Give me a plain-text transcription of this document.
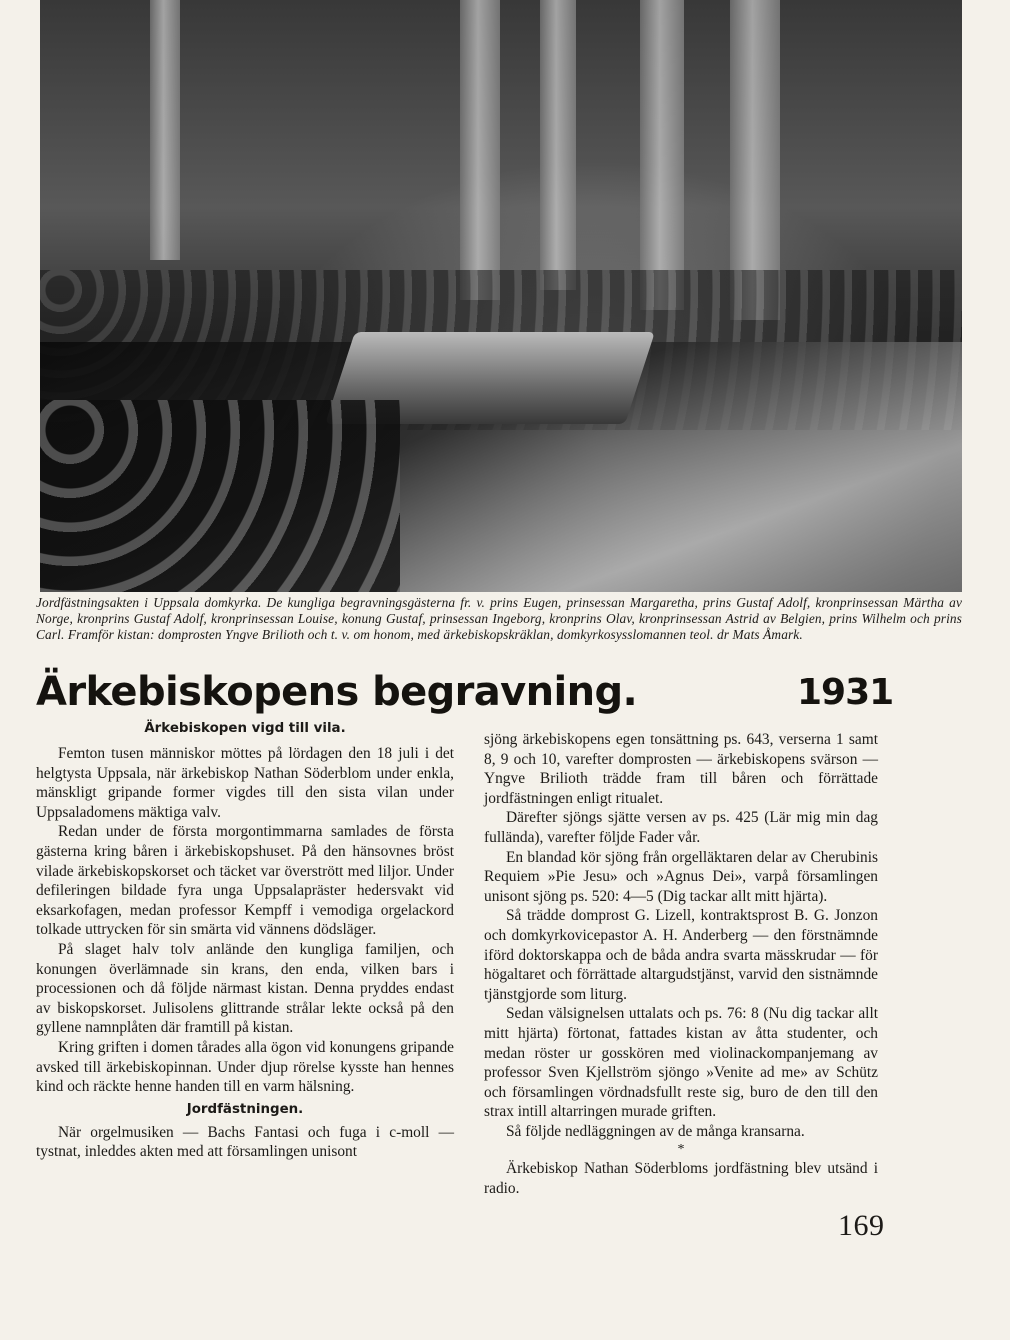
Jordfästningsakten i Uppsala domkyrka. De kungliga begravningsgästerna fr. v. prins Eugen, prinsessan Margaretha, prins Gustaf Adolf, kronprinsessan Märtha av Norge, kronprins Gustaf Adolf, kronprinsessan Louise, konung Gustaf, prinsessan Ingeborg, kronprins Olav, kronprinsessan Astrid av Belgien, prins Wilhelm och prins Carl. Framför kistan: domprosten Yngve Brilioth och t. v. om honom, med ärkebiskopskräklan, domkyrkosysslomannen teol. dr Mats Åmark.
Ärkebiskopens begravning.	1931
Ärkebiskopen vigd till vila.

Femton tusen människor möttes på lördagen den 18 juli i det helgtysta Uppsala, när ärkebiskop Nathan Söderblom under enkla, mänskligt gripande former vigdes till den sista vilan under Uppsaladomens mäktiga valv.

Redan under de första morgontimmarna samlades de första gästerna kring båren i ärkebiskopshuset. På den hänsovnes bröst vilade ärkebiskopskorset och täcket var överstrött med liljor. Under defileringen bildade fyra unga Uppsalapräster hedersvakt vid eksarkofagen, medan professor Kempff i vemodiga orgelackord tolkade uttrycken för sin smärta vid vännens dödsläger.

På slaget halv tolv anlände den kungliga familjen, och konungen överlämnade sin krans, den enda, vilken bars i processionen och då följde närmast kistan. Denna pryddes endast av biskopskorset. Julisolens glittrande strålar lekte också på den gyllene namnplåten där framtill på kistan.

Kring griften i domen tårades alla ögon vid konungens gripande avsked till ärkebiskopinnan. Under djup rörelse kysste han hennes kind och räckte henne handen till en varm hälsning.

Jordfästningen.

När orgelmusiken — Bachs Fantasi och fuga i c-moll — tystnat, inleddes akten med att församlingen unisont

sjöng ärkebiskopens egen tonsättning ps. 643, verserna 1 samt 8, 9 och 10, varefter domprosten — ärkebiskopens svärson — Yngve Brilioth trädde fram till båren och förrättade jordfästningen enligt ritualet.

Därefter sjöngs sjätte versen av ps. 425 (Lär mig min dag fullända), varefter följde Fader vår.

En blandad kör sjöng från orgelläktaren delar av Cherubinis Requiem »Pie Jesu» och »Agnus Dei», varpå församlingen unisont sjöng ps. 520: 4—5 (Dig tackar allt mitt hjärta).

Så trädde domprost G. Lizell, kontraktsprost B. G. Jonzon och domkyrkovicepastor A. H. Anderberg — den förstnämnde iförd doktorskappa och de båda andra svarta mässkrudar — för högaltaret och förrättade altargudstjänst, varvid den sistnämnde tjänstgjorde som liturg.

Sedan välsignelsen uttalats och ps. 76: 8 (Nu dig tackar allt mitt hjärta) förtonat, fattades kistan av åtta studenter, och medan röster ur gosskören med violinackompanjemang av professor Sven Kjellström sjöngo »Venite ad me» av Schütz och församlingen vördnadsfullt reste sig, buro de den till den strax intill altarringen murade griften.

Så följde nedläggningen av de många kransarna.

*

Ärkebiskop Nathan Söderbloms jordfästning blev utsänd i radio.

169
